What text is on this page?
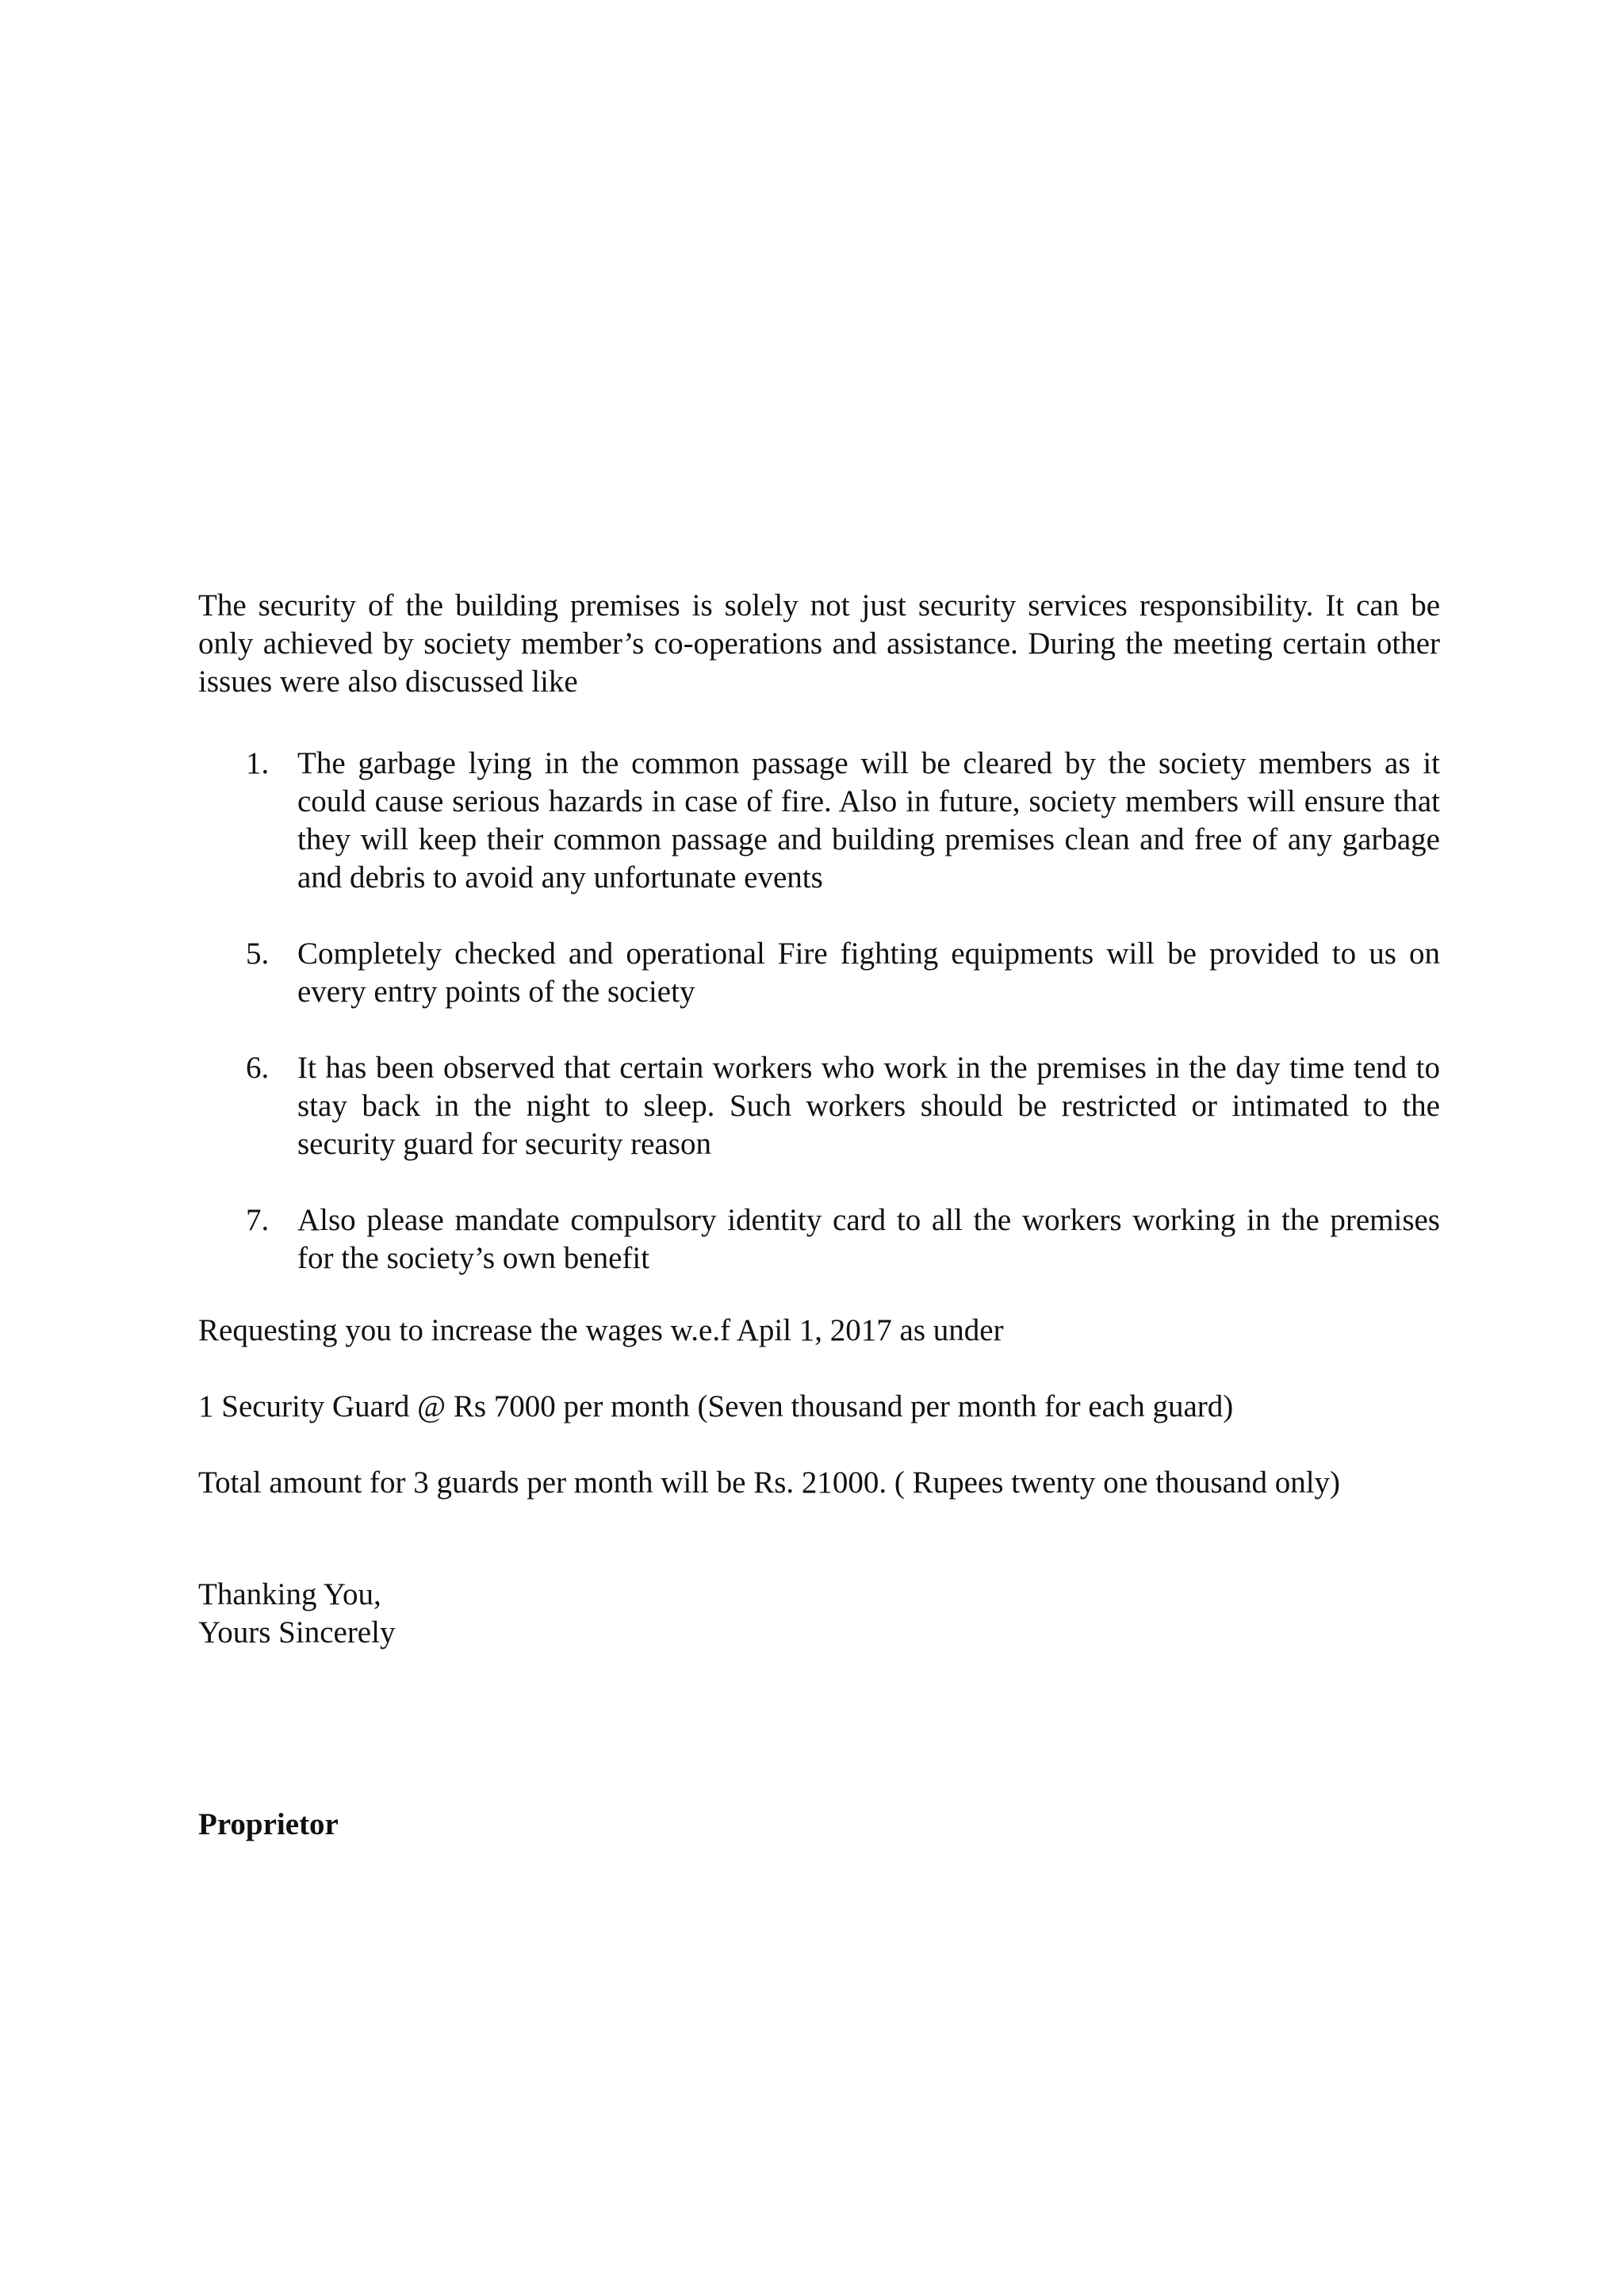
The security of the building premises is solely not just security services responsibility. It can be only achieved by society member’s co-operations and assistance. During the meeting certain other issues were also discussed like

1. The garbage lying in the common passage will be cleared by the society members as it could cause serious hazards in case of fire. Also in future, society members will ensure that they will keep their common passage and building premises clean and free of any garbage and debris to avoid any unfortunate events
5. Completely checked and operational Fire fighting equipments will be provided to us on every entry points of the society
6. It has been observed that certain workers who work in the premises in the day time tend to stay back in the night to sleep. Such workers should be restricted or intimated to the security guard for security reason
7. Also please mandate compulsory identity card to all the workers working in the premises for the society’s own benefit
Requesting you to increase the wages w.e.f Apil 1, 2017 as under
1 Security Guard @ Rs 7000 per month (Seven thousand per month for each guard)
Total amount for 3 guards per month will be Rs. 21000. ( Rupees twenty one thousand only)
Thanking You,
Yours Sincerely
Proprietor
